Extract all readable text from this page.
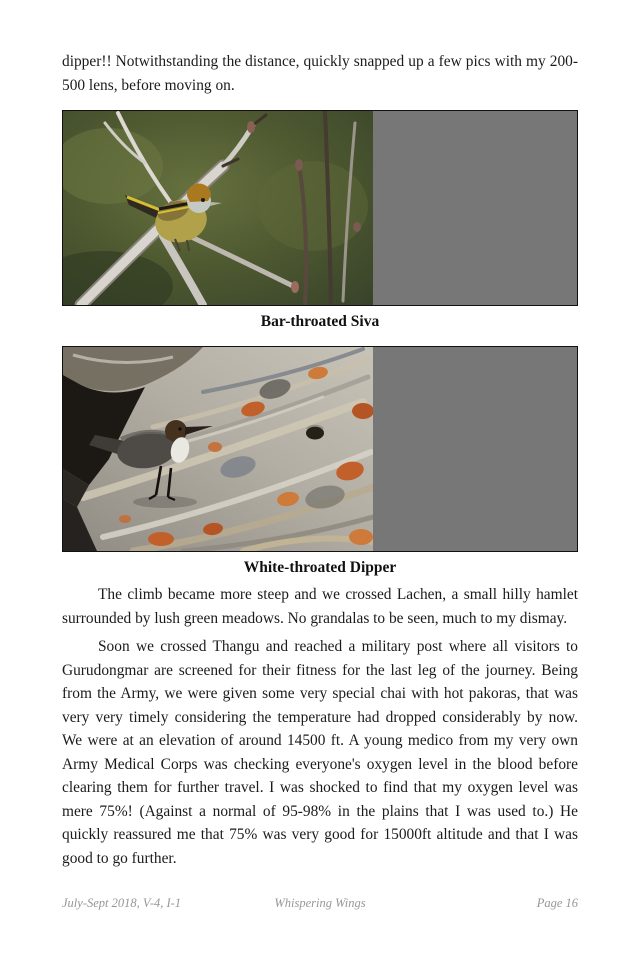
dipper!! Notwithstanding the distance, quickly snapped up a few pics with my 200-500 lens, before moving on.

Bar-throated Siva
White-throated Dipper

The climb became more steep and we crossed Lachen, a small hilly hamlet surrounded by lush green meadows. No grandalas to be seen, much to my dismay.

Soon we crossed Thangu and reached a military post where all visitors to Gurudongmar are screened for their fitness for the last leg of the journey. Being from the Army, we were given some very special chai with hot pakoras, that was very very timely considering the temperature had dropped considerably by now. We were at an elevation of around 14500 ft. A young medico from my very own Army Medical Corps was checking everyone's oxygen level in the blood before clearing them for further travel. I was shocked to find that my oxygen level was mere 75%! (Against a normal of 95-98% in the plains that I was used to.) He quickly reassured me that 75% was very good for 15000ft altitude and that I was good to go further.

July-Sept 2018, V-4, I-1	Whispering Wings	Page 16
